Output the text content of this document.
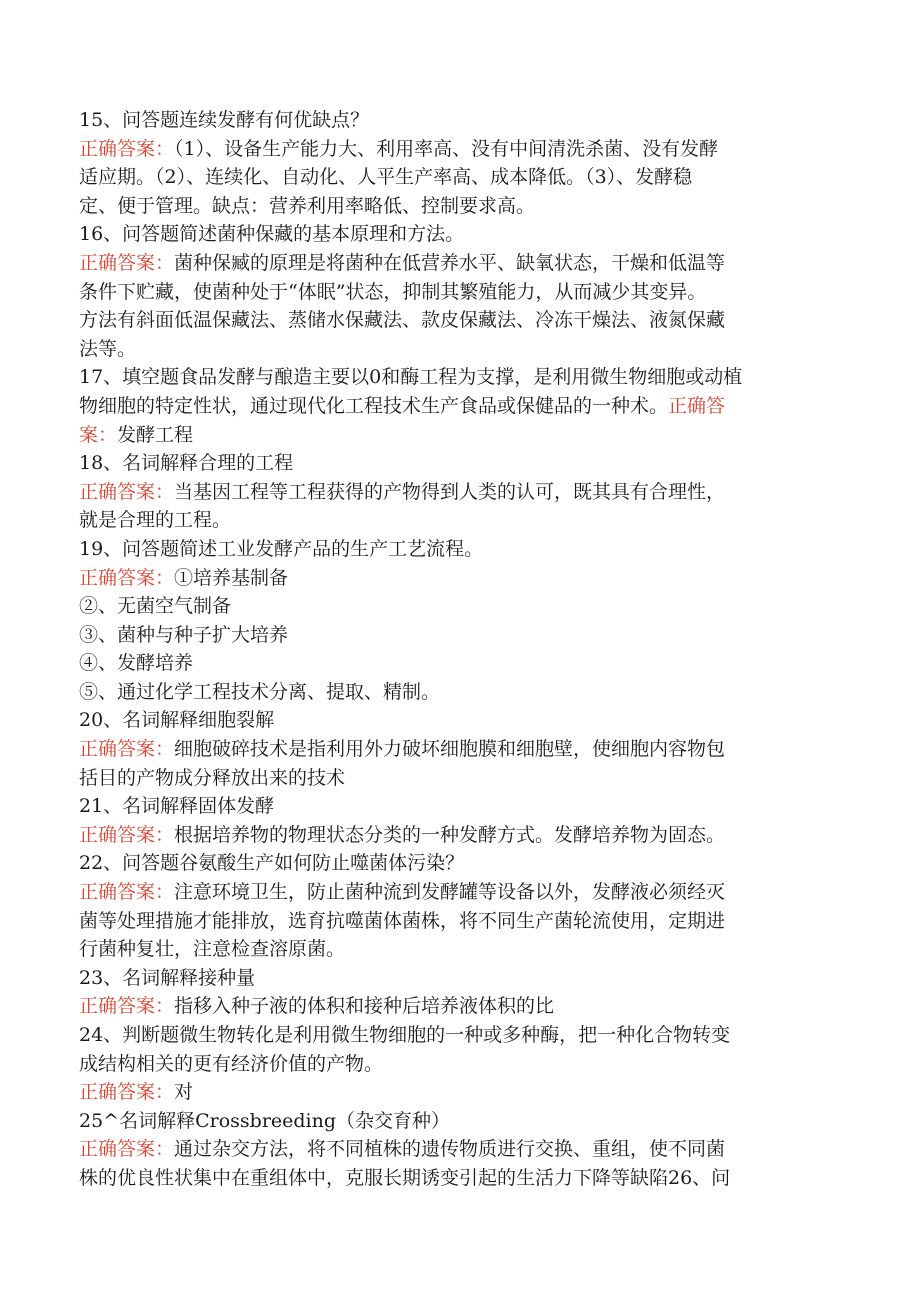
15、问答题连续发酵有何优缺点？

正确答案：（1）、设备生产能力大、利用率高、没有中间清洗杀菌、没有发酵

适应期。（2）、连续化、自动化、人平生产率高、成本降低。（3）、发酵稳

定、便于管理。缺点：营养利用率略低、控制要求高。

16、问答题简述菌种保藏的基本原理和方法。

正确答案：菌种保臧的原理是将菌种在低营养水平、缺氧状态，干燥和低温等

条件下贮藏，使菌种处于“体眠”状态，抑制其繁殖能力，从而减少其变异。

方法有斜面低温保藏法、蒸储水保藏法、款皮保藏法、冷冻干燥法、液氮保藏

法等。

17、填空题食品发酵与酿造主要以0和酶工程为支撑，是利用微生物细胞或动植

物细胞的特定性状，通过现代化工程技术生产食品或保健品的一种术。正确答

案：发酵工程

18、名词解释合理的工程

正确答案：当基因工程等工程获得的产物得到人类的认可，既其具有合理性，

就是合理的工程。

19、问答题简述工业发酵产品的生产工艺流程。

正确答案：①培养基制备

②、无菌空气制备

③、菌种与种子扩大培养

④、发酵培养

⑤、通过化学工程技术分离、提取、精制。

20、名词解释细胞裂解

正确答案：细胞破碎技术是指利用外力破坏细胞膜和细胞壁，使细胞内容物包

括目的产物成分释放出来的技术

21、名词解释固体发酵

正确答案：根据培养物的物理状态分类的一种发酵方式。发酵培养物为固态。

22、问答题谷氨酸生产如何防止噬菌体污染？

正确答案：注意环境卫生，防止菌种流到发酵罐等设备以外，发酵液必须经灭

菌等处理措施才能排放，选育抗噬菌体菌株，将不同生产菌轮流使用，定期进

行菌种复壮，注意检查溶原菌。

23、名词解释接种量

正确答案：指移入种子液的体积和接种后培养液体积的比

24、判断题微生物转化是利用微生物细胞的一种或多种酶，把一种化合物转变

成结构相关的更有经济价值的产物。

正确答案：对

25^名词解释Crossbreeding（杂交育种）

正确答案：通过杂交方法，将不同植株的遗传物质进行交换、重组，使不同菌

株的优良性状集中在重组体中，克服长期诱变引起的生活力下降等缺陷26、问
